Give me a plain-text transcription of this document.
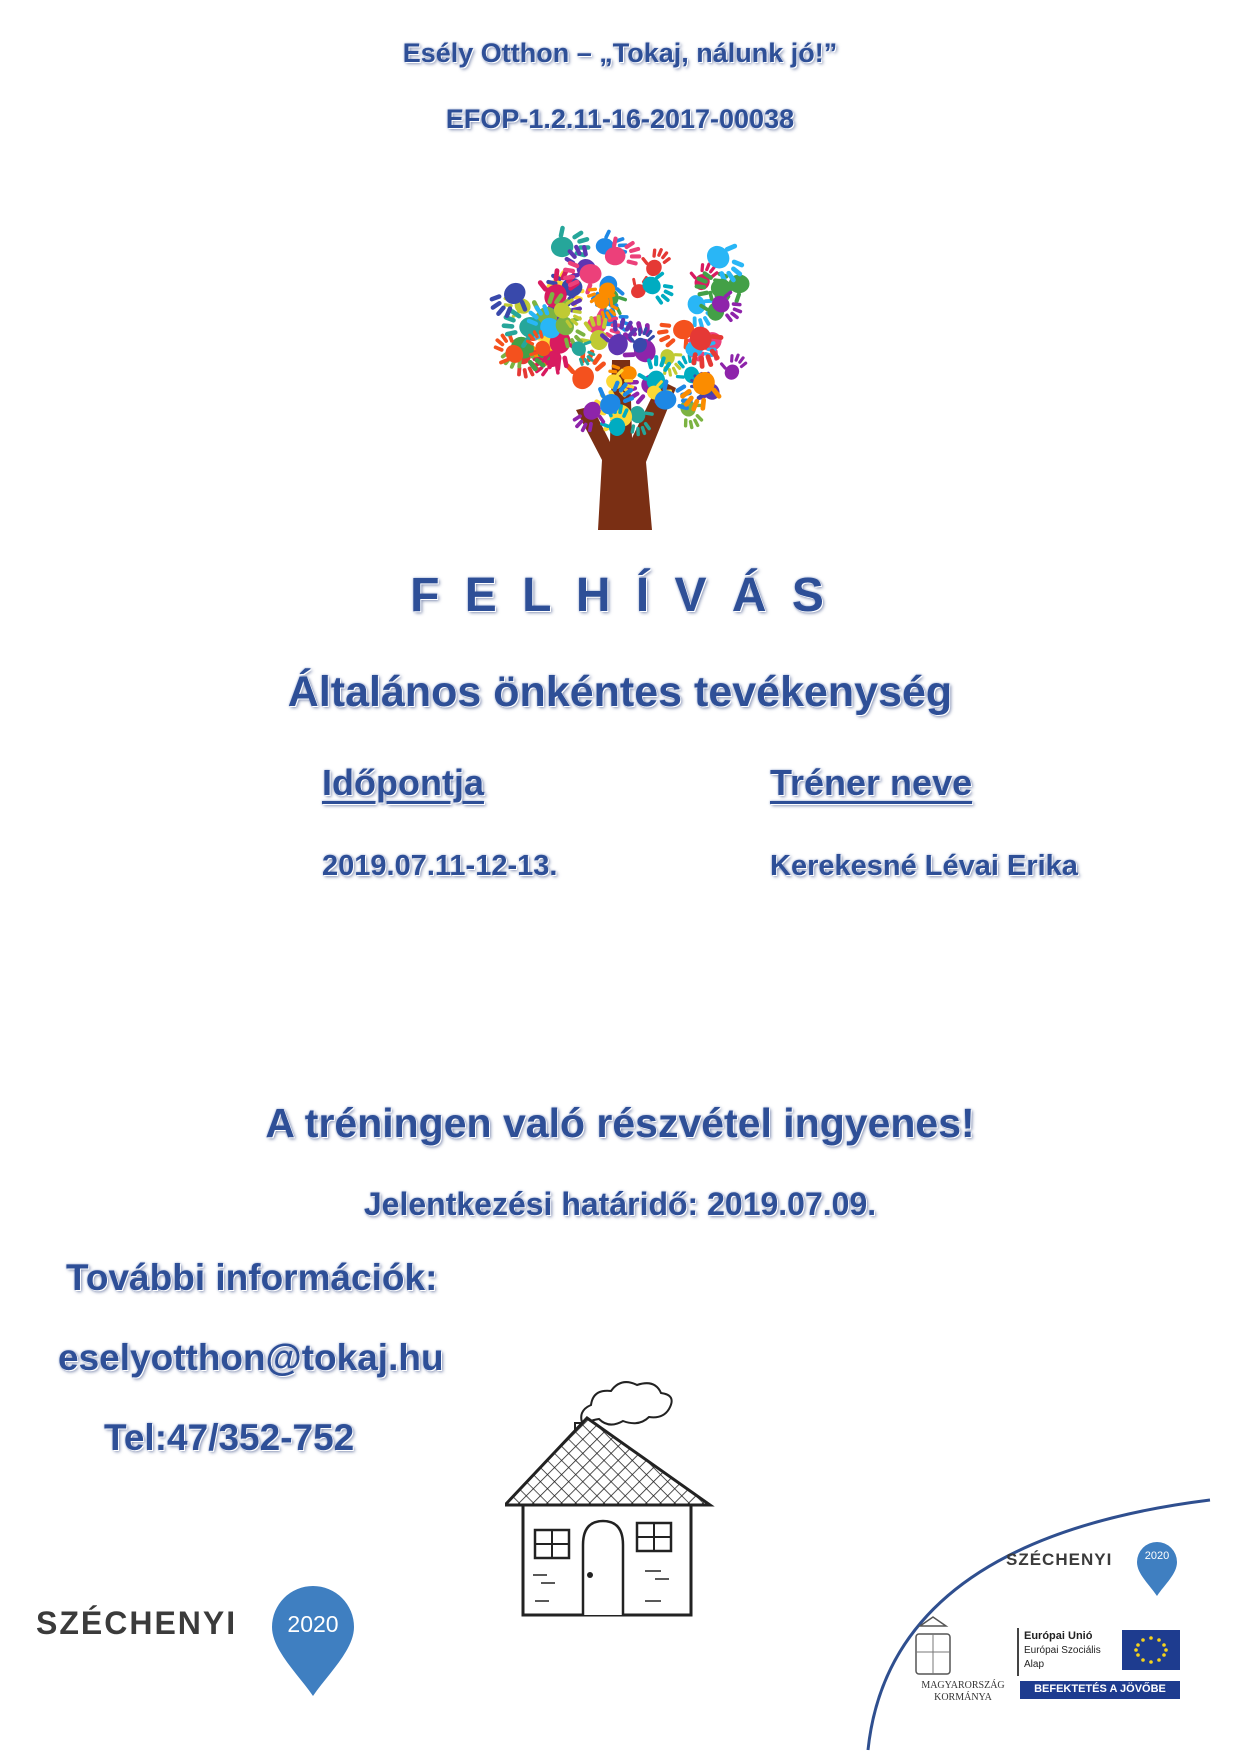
Esély Otthon – „Tokaj, nálunk jó!”
EFOP-1.2.11-16-2017-00038
F E L H Í V Á S
Általános önkéntes tevékenység
Időpontja	Tréner neve
2019.07.11-12-13.	Kerekesné Lévai Erika
A tréningen való részvétel ingyenes!
Jelentkezési határidő: 2019.07.09.
További információk:
eselyotthon@tokaj.hu
Tel:47/352-752
SZÉCHENYI	2020
SZÉCHENYI	2020
MAGYARORSZÁG
KORMÁNYA
Európai Unió
Európai Szociális
Alap
BEFEKTETÉS A JÖVŐBE
